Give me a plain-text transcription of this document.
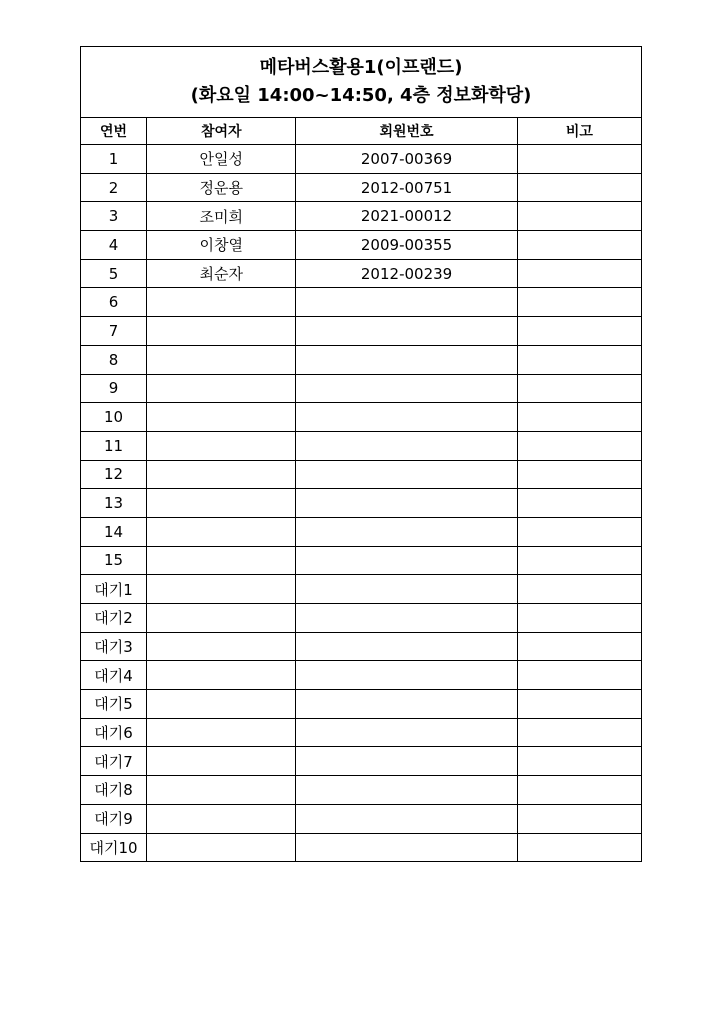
메타버스활용1(이프랜드)
(화요일 14:00~14:50, 4층 정보화학당)			

연번	참여자	회원번호	비고
1	안일성	2007-00369	
2	정운용	2012-00751	
3	조미희	2021-00012	
4	이창열	2009-00355	
5	최순자	2012-00239	
6			
7			
8			
9			
10			
11			
12			
13			
14			
15			
대기1			
대기2			
대기3			
대기4			
대기5			
대기6			
대기7			
대기8			
대기9			
대기10			
